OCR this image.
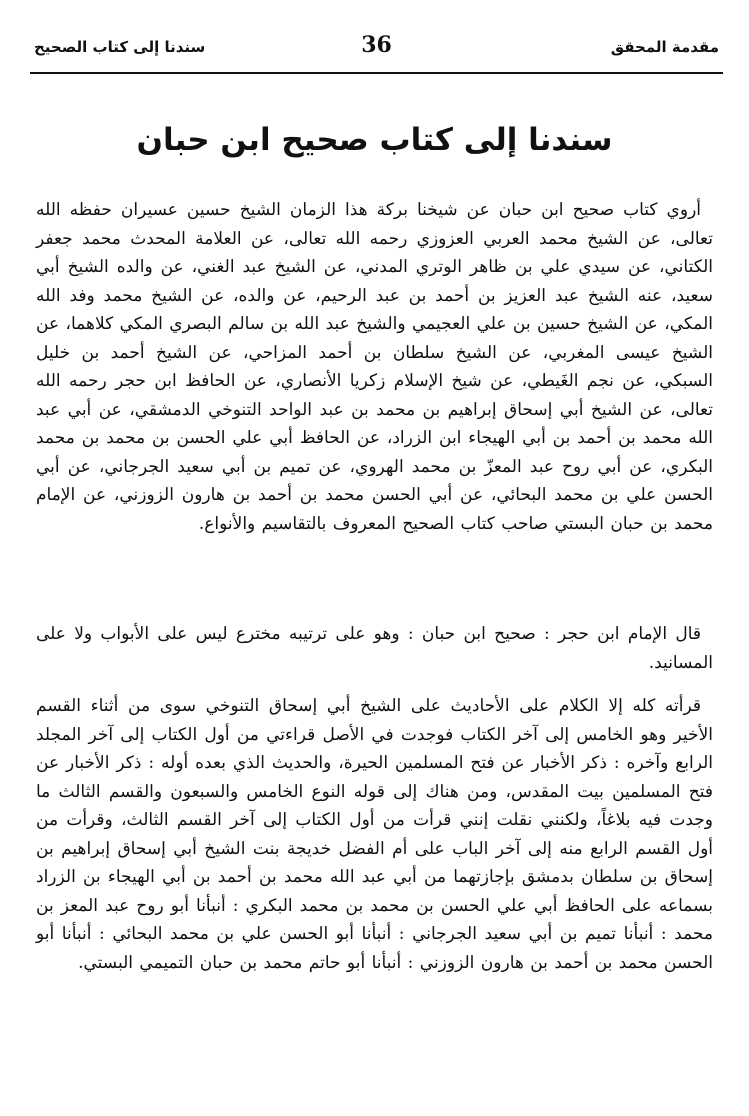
مقدمة المحقق
36
سندنا إلى كتاب الصحيح
سندنا إلى كتاب صحيح ابن حبان

أروي كتاب صحيح ابن حبان عن شيخنا بركة هذا الزمان الشيخ حسين عسيران حفظه الله تعالى، عن الشيخ محمد العربي العزوزي رحمه الله تعالى، عن العلامة المحدث محمد جعفر الكتاني، عن سيدي علي بن ظاهر الوتري المدني، عن الشيخ عبد الغني، عن والده الشيخ أبي سعيد، عنه الشيخ عبد العزيز بن أحمد بن عبد الرحيم، عن والده، عن الشيخ محمد وفد الله المكي، عن الشيخ حسين بن علي العجيمي والشيخ عبد الله بن سالم البصري المكي كلاهما، عن الشيخ عيسى المغربي، عن الشيخ سلطان بن أحمد المزاحي، عن الشيخ أحمد بن خليل السبكي، عن نجم الغَيطي، عن شيخ الإسلام زكريا الأنصاري، عن الحافظ ابن حجر رحمه الله تعالى، عن الشيخ أبي إسحاق إبراهيم بن محمد بن عبد الواحد التنوخي الدمشقي، عن أبي عبد الله محمد بن أحمد بن أبي الهيجاء ابن الزراد، عن الحافظ أبي علي الحسن بن محمد بن محمد البكري، عن أبي روح عبد المعزّ بن محمد الهروي، عن تميم بن أبي سعيد الجرجاني، عن أبي الحسن علي بن محمد البحائي، عن أبي الحسن محمد بن أحمد بن هارون الزوزني، عن الإمام محمد بن حبان البستي صاحب كتاب الصحيح المعروف بالتقاسيم والأنواع.

قال الإمام ابن حجر : صحيح ابن حبان : وهو على ترتيبه مخترع ليس على الأبواب ولا على المسانيد.

قرأته كله إلا الكلام على الأحاديث على الشيخ أبي إسحاق التنوخي سوى من أثناء القسم الأخير وهو الخامس إلى آخر الكتاب فوجدت في الأصل قراءتي من أول الكتاب إلى آخر المجلد الرابع وآخره : ذكر الأخبار عن فتح المسلمين الحيرة، والحديث الذي بعده أوله : ذكر الأخبار عن فتح المسلمين بيت المقدس، ومن هناك إلى قوله النوع الخامس والسبعون والقسم الثالث ما وجدت فيه بلاغاً، ولكنني نقلت إنني قرأت من أول الكتاب إلى آخر القسم الثالث، وقرأت من أول القسم الرابع منه إلى آخر الباب على أم الفضل خديجة بنت الشيخ أبي إسحاق إبراهيم بن إسحاق بن سلطان بدمشق بإجازتهما من أبي عبد الله محمد بن أحمد بن أبي الهيجاء بن الزراد بسماعه على الحافظ أبي علي الحسن بن محمد بن محمد البكري : أنبأنا أبو روح عبد المعز بن محمد : أنبأنا تميم بن أبي سعيد الجرجاني : أنبأنا أبو الحسن علي بن محمد البحائي : أنبأنا أبو الحسن محمد بن أحمد بن هارون الزوزني : أنبأنا أبو حاتم محمد بن حبان التميمي البستي.
